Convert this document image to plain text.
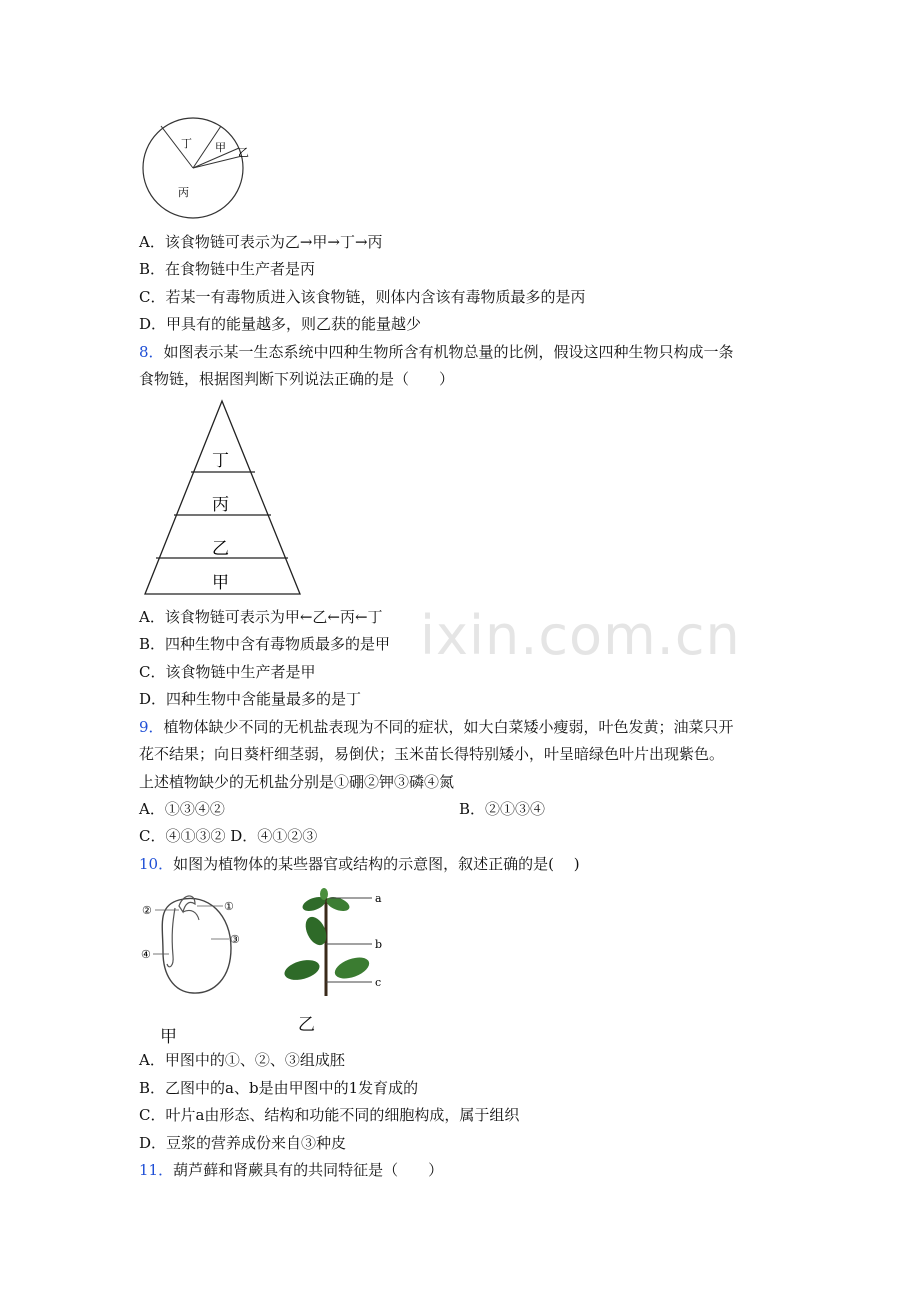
丁 甲 乙
丙
A．该食物链可表示为乙→甲→丁→丙
B．在食物链中生产者是丙
C．若某一有毒物质进入该食物链，则体内含该有毒物质最多的是丙
D．甲具有的能量越多，则乙获的能量越少
8．如图表示某一生态系统中四种生物所含有机物总量的比例，假设这四种生物只构成一条
食物链，根据图判断下列说法正确的是（　　）
丁
丙
乙
甲
A．该食物链可表示为甲←乙←丙←丁
B．四种生物中含有毒物质最多的是甲
C．该食物链中生产者是甲
D．四种生物中含能量最多的是丁
9．植物体缺少不同的无机盐表现为不同的症状，如大白菜矮小瘦弱，叶色发黄；油菜只开
花不结果；向日葵杆细茎弱，易倒伏；玉米苗长得特别矮小，叶呈暗绿色叶片出现紫色。
上述植物缺少的无机盐分别是①硼②钾③磷④氮
A．①③④②	B．②①③④
C．④①③② D．④①②③
10．如图为植物体的某些器官或结构的示意图，叙述正确的是(　 )
②	①
③
④
a
b
c
甲
乙
A．甲图中的①、②、③组成胚
B．乙图中的a、b是由甲图中的1发育成的
C．叶片a由形态、结构和功能不同的细胞构成，属于组织
D．豆浆的营养成份来自③种皮
11．葫芦藓和肾蕨具有的共同特征是（　　）
ixin.com.cn
